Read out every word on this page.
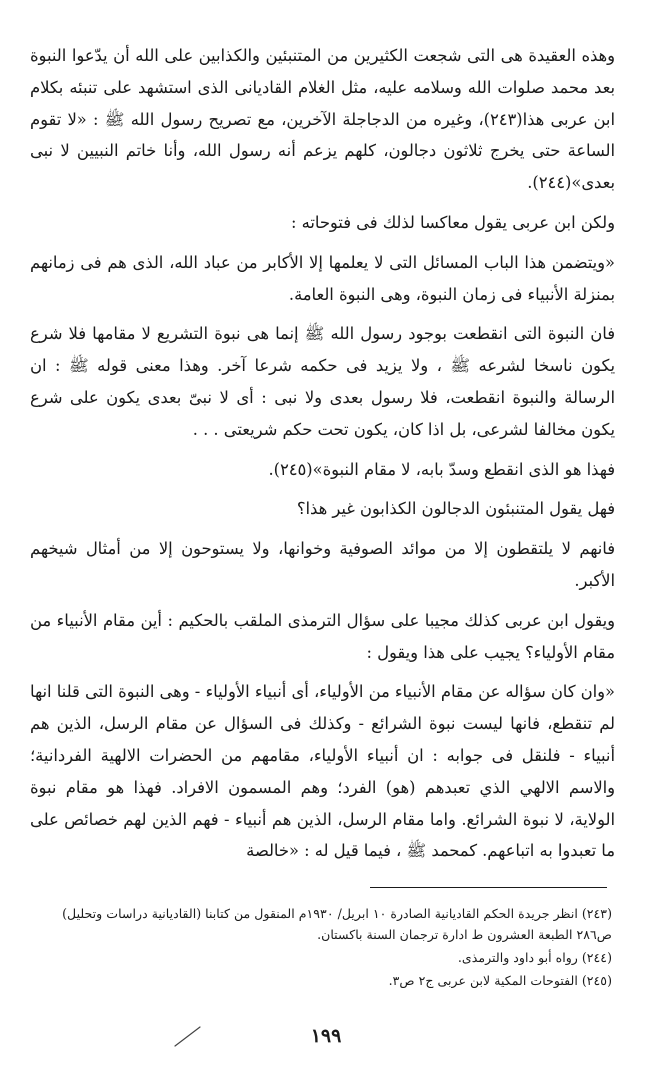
وهذه العقيدة هى التى شجعت الكثيرين من المتنبئين والكذابين على الله أن يدّعوا النبوة بعد محمد صلوات الله وسلامه عليه، مثل الغلام القاديانى الذى استشهد على تنبئه بكلام ابن عربى هذا(٢٤٣)، وغيره من الدجاجلة الآخرين، مع تصريح رسول الله ﷺ : «لا تقوم الساعة حتى يخرج ثلاثون دجالون، كلهم يزعم أنه رسول الله، وأنا خاتم النبيين لا نبى بعدى»(٢٤٤).

ولكن ابن عربى يقول معاكسا لذلك فى فتوحاته :

«ويتضمن هذا الباب المسائل التى لا يعلمها إلا الأكابر من عباد الله، الذى هم فى زمانهم بمنزلة الأنبياء فى زمان النبوة، وهى النبوة العامة.

فان النبوة التى انقطعت بوجود رسول الله ﷺ إنما هى نبوة التشريع لا مقامها فلا شرع يكون ناسخا لشرعه ﷺ ، ولا يزيد فى حكمه شرعا آخر. وهذا معنى قوله ﷺ : ان الرسالة والنبوة انقطعت، فلا رسول بعدى ولا نبى : أى لا نبىّ بعدى يكون على شرع يكون مخالفا لشرعى، بل اذا كان، يكون تحت حكم شريعتى . . .

فهذا هو الذى انقطع وسدّ بابه، لا مقام النبوة»(٢٤٥).

فهل يقول المتنبئون الدجالون الكذابون غير هذا؟

فانهم لا يلتقطون إلا من موائد الصوفية وخوانها، ولا يستوحون إلا من أمثال شيخهم الأكبر.

ويقول ابن عربى كذلك مجيبا على سؤال الترمذى الملقب بالحكيم : أين مقام الأنبياء من مقام الأولياء؟ يجيب على هذا ويقول :

«وان كان سؤاله عن مقام الأنبياء من الأولياء، أى أنبياء الأولياء - وهى النبوة التى قلنا انها لم تنقطع، فانها ليست نبوة الشرائع - وكذلك فى السؤال عن مقام الرسل، الذين هم أنبياء - فلنقل فى جوابه : ان أنبياء الأولياء، مقامهم من الحضرات الالهية الفردانية؛ والاسم الالهي الذي تعبدهم (هو) الفرد؛ وهم المسمون الافراد. فهذا هو مقام نبوة الولاية، لا نبوة الشرائع. واما مقام الرسل، الذين هم أنبياء - فهم الذين لهم خصائص على ما تعبدوا به اتباعهم. كمحمد ﷺ ، فيما قيل له : «خالصة

(٢٤٣) انظر جريدة الحكم القاديانية الصادرة ١٠ ابريل/ ١٩٣٠م المنقول من كتابنا (القاديانية دراسات وتحليل) ص٢٨٦ الطبعة العشرون ط ادارة ترجمان السنة باكستان.

(٢٤٤) رواه أبو داود والترمذى.

(٢٤٥) الفتوحات المكية لابن عربى ج٢ ص٣.

١٩٩
